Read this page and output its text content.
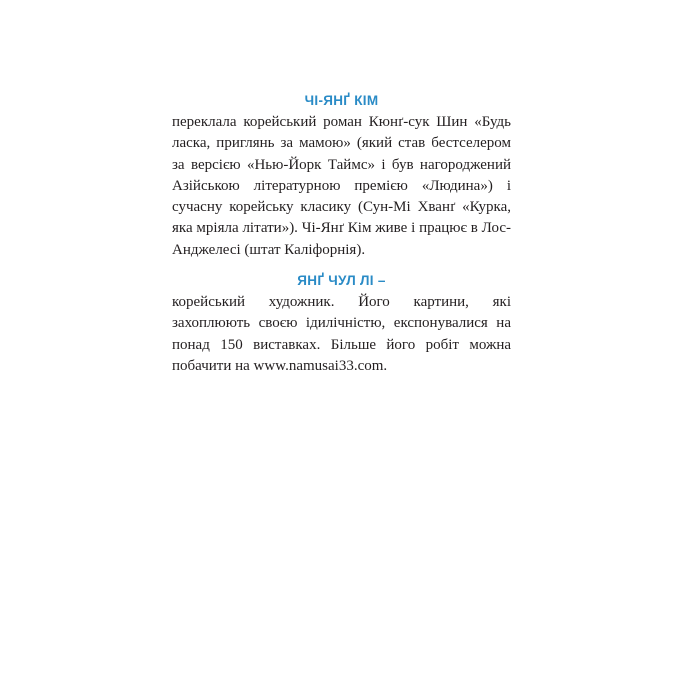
ЧІ-ЯНҐ КІМ

переклала корейський роман Кюнґ-сук Шин «Будь ласка, приглянь за мамою» (який став бестселером за версією «Нью-Йорк Таймс» і був нагороджений Азійською літературною премією «Людина») і сучасну корейську класику (Сун-Мі Хванґ «Курка, яка мріяла літати»). Чі-Янґ Кім живе і працює в Лос-Анджелесі (штат Каліфорнія).

ЯНҐ ЧУЛ ЛІ –

корейський художник. Його картини, які захоплюють своєю ідилічністю, експонувалися на понад 150 виставках. Більше його робіт можна побачити на www.namusai33.com.
